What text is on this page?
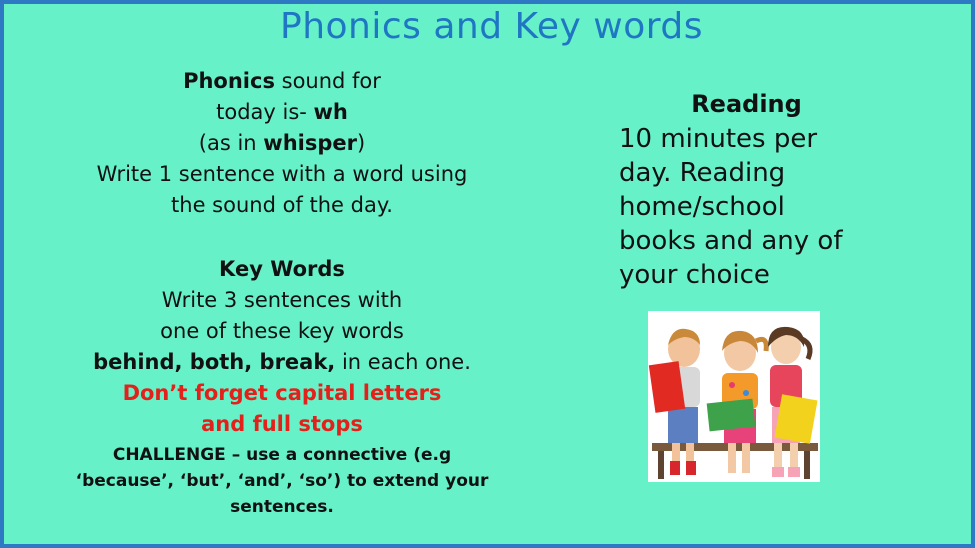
Phonics and Key words
Phonics sound for
today is- wh
(as in whisper)
Write 1 sentence with a word using
the sound of the day.
Key Words
Write 3 sentences with
one of these key words
behind, both, break, in each one.
Don’t forget capital letters
and full stops
CHALLENGE – use a connective (e.g
‘because’, ‘but’, ‘and’, ‘so’) to extend your
sentences.
Reading
10 minutes per
day. Reading
home/school
books and any of
your choice
